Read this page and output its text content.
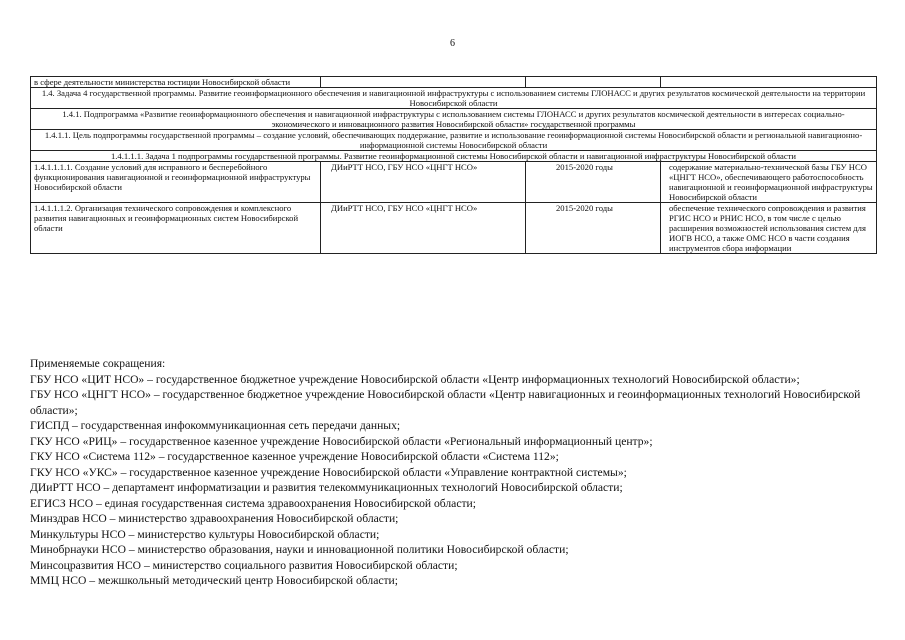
6
в сфере деятельности министерства юстиции Новосибирской области			
1.4. Задача 4 государственной программы. Развитие геоинформационного обеспечения и навигационной инфраструктуры с использованием системы ГЛОНАСС и других результатов космической деятельности на территории Новосибирской области			
1.4.1. Подпрограмма «Развитие геоинформационного обеспечения и навигационной инфраструктуры с использованием системы ГЛОНАСС и других результатов космической деятельности в интересах социально-экономического и инновационного развития Новосибирской области» государственной программы			
1.4.1.1. Цель подпрограммы государственной программы – создание условий, обеспечивающих поддержание, развитие и использование геоинформационной системы Новосибирской области и региональной навигационно-информационной системы Новосибирской области			
1.4.1.1.1. Задача 1 подпрограммы государственной программы. Развитие геоинформационной системы Новосибирской области и навигационной инфраструктуры Новосибирской области			
1.4.1.1.1.1. Создание условий для исправного и бесперебойного функционирования навигационной и геоинформационной инфраструктуры Новосибирской области	ДИиРТТ НСО, ГБУ НСО «ЦНГТ НСО»	2015-2020 годы	содержание материально-технической базы ГБУ НСО «ЦНГТ НСО», обеспечивающего работоспособность навигационной и геоинформационной инфраструктуры Новосибирской области
1.4.1.1.1.2. Организация технического сопровождения и комплексного развития навигационных и геоинформационных систем Новосибирской области	ДИиРТТ НСО, ГБУ НСО «ЦНГТ НСО»	2015-2020 годы	обеспечение технического сопровождения и развития РГИС НСО и РНИС НСО, в том числе с целью расширения возможностей использования систем для ИОГВ НСО, а также ОМС НСО в части создания инструментов сбора информации

Применяемые сокращения:

ГБУ НСО «ЦИТ НСО» – государственное бюджетное учреждение Новосибирской области «Центр информационных технологий Новосибирской области»;

ГБУ НСО «ЦНГТ НСО» – государственное бюджетное учреждение Новосибирской области «Центр навигационных и геоинформационных технологий Новосибирской области»;

ГИСПД – государственная инфокоммуникационная сеть передачи данных;

ГКУ НСО «РИЦ» – государственное казенное учреждение Новосибирской области «Региональный информационный центр»;

ГКУ НСО «Система 112» – государственное казенное учреждение Новосибирской области «Система 112»;

ГКУ НСО «УКС» – государственное казенное учреждение Новосибирской области «Управление контрактной системы»;

ДИиРТТ НСО – департамент информатизации и развития телекоммуникационных технологий Новосибирской области;

ЕГИСЗ НСО – единая государственная система здравоохранения Новосибирской области;

Минздрав НСО – министерство здравоохранения Новосибирской области;

Минкультуры НСО – министерство культуры Новосибирской области;

Минобрнауки НСО – министерство образования, науки и инновационной политики Новосибирской области;

Минсоцразвития НСО – министерство социального развития Новосибирской области;

ММЦ НСО – межшкольный методический центр Новосибирской области;
